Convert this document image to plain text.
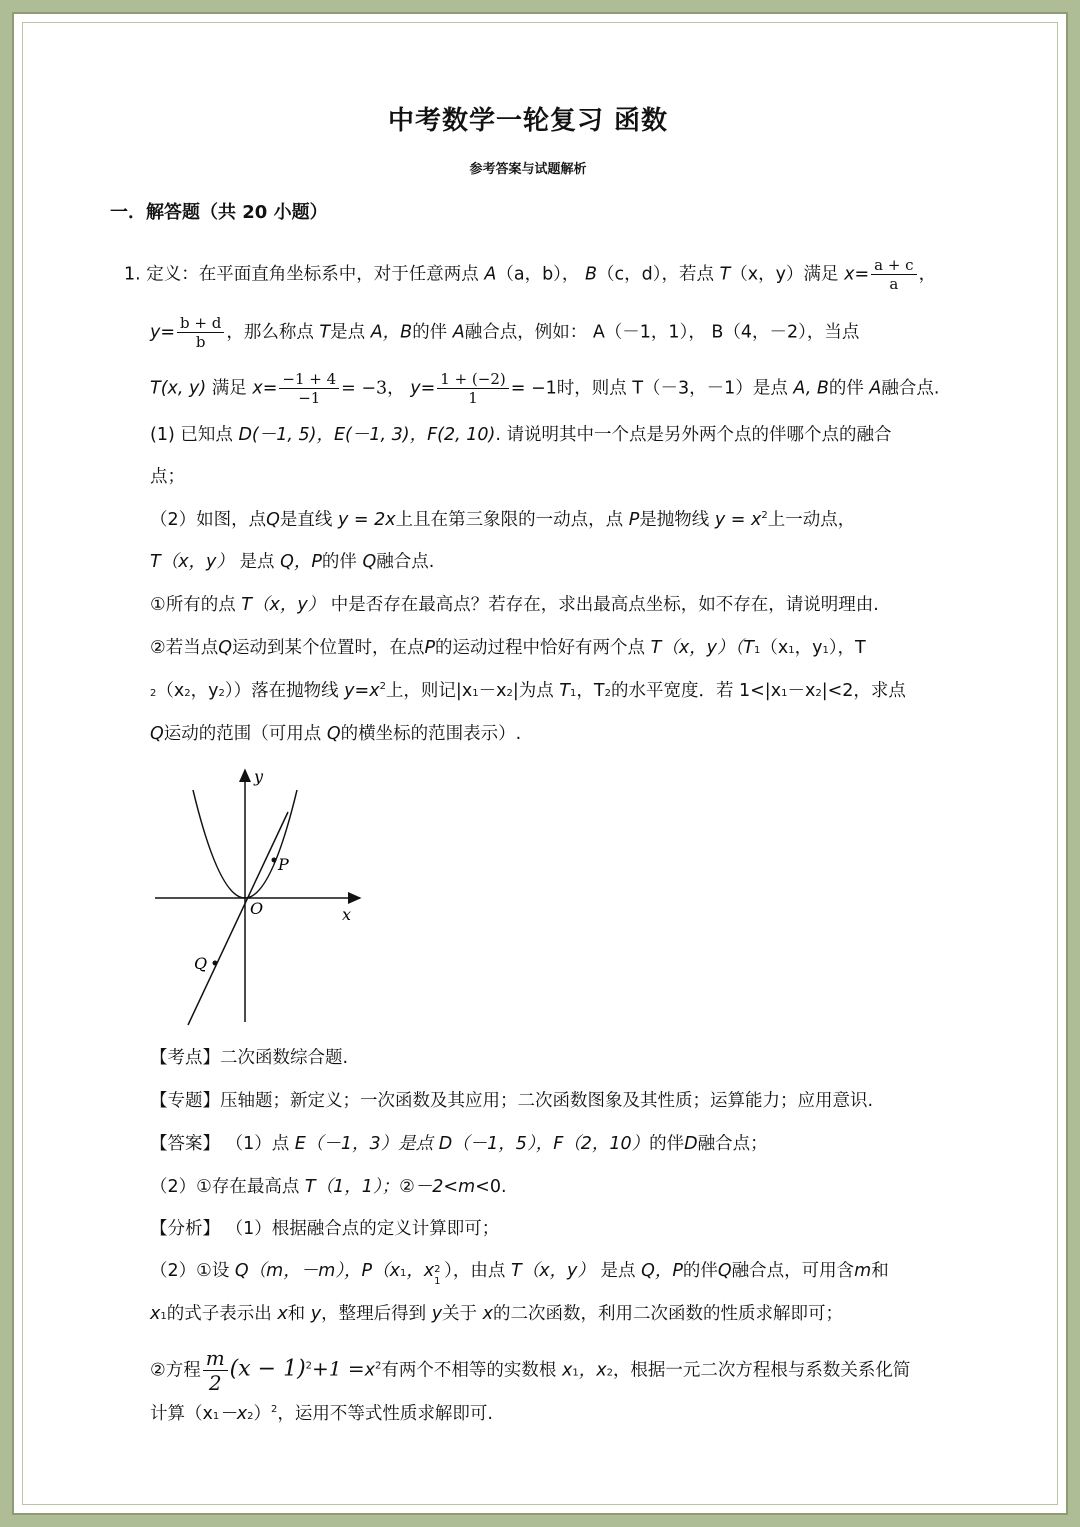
中考数学一轮复习 函数
参考答案与试题解析
一．解答题（共 20 小题）
1. 定义：在平面直角坐标系中，对于任意两点 A（a，b）， B（c，d），若点 T（x，y）满足 $x= \frac{a + c}{a}$ ，
$y= \frac{b + d}{b}$ ，那么称点 T是点 A，B的伴 A融合点，例如： A（－1，1）， B（4，－2），当点
T(x, y) 满足 $x= \frac{-1 + 4}{-1} = -3$， $y= \frac{1 + (-2)}{1} = -1$时，则点 T（－3，－1）是点 A, B的伴 A融合点.
(1) 已知点 D(－1, 5)，E(－1, 3)，F(2, 10). 请说明其中一个点是另外两个点的伴哪个点的融合
点；
（2）如图，点Q是直线 y = 2x上且在第三象限的一动点，点 P是抛物线 $y = x^2$上一动点，
T（x，y） 是点 Q，P的伴 Q融合点.
①所有的点 T（x，y） 中是否存在最高点？若存在，求出最高点坐标，如不存在，请说明理由.
②若当点Q运动到某个位置时，在点P的运动过程中恰好有两个点 T（x，y）（T1（x1，y1），T
2（x2，y2））落在抛物线 $y=x^2$上，则记|x1－x2|为点 T1，T2的水平宽度．若 1<|x1－x2|<2，求点
Q运动的范围（可用点 Q的横坐标的范围表示）.
y
x
O
P
Q
【考点】二次函数综合题.
【专题】压轴题；新定义；一次函数及其应用；二次函数图象及其性质；运算能力；应用意识.
【答案】 （1）点 E（－1，3）是点 D（－1，5），F（2，10）的伴D融合点；
（2）①存在最高点 T（1，1）；②－2<m<0.
【分析】 （1）根据融合点的定义计算即可；
（2）①设 Q（m，－m），P（x1，x 2
1
），由点 T（x，y） 是点 Q，P的伴Q融合点，可用含m和
x1的式子表示出 x和 y，整理后得到 y关于 x的二次函数，利用二次函数的性质求解即可；
②方程 $\frac{m}{2} (x - 1)^2+1 =x^2$有两个不相等的实数根 x1，x2，根据一元二次方程根与系数关系化简
计算$(x1-x2)^2$，运用不等式性质求解即可.
